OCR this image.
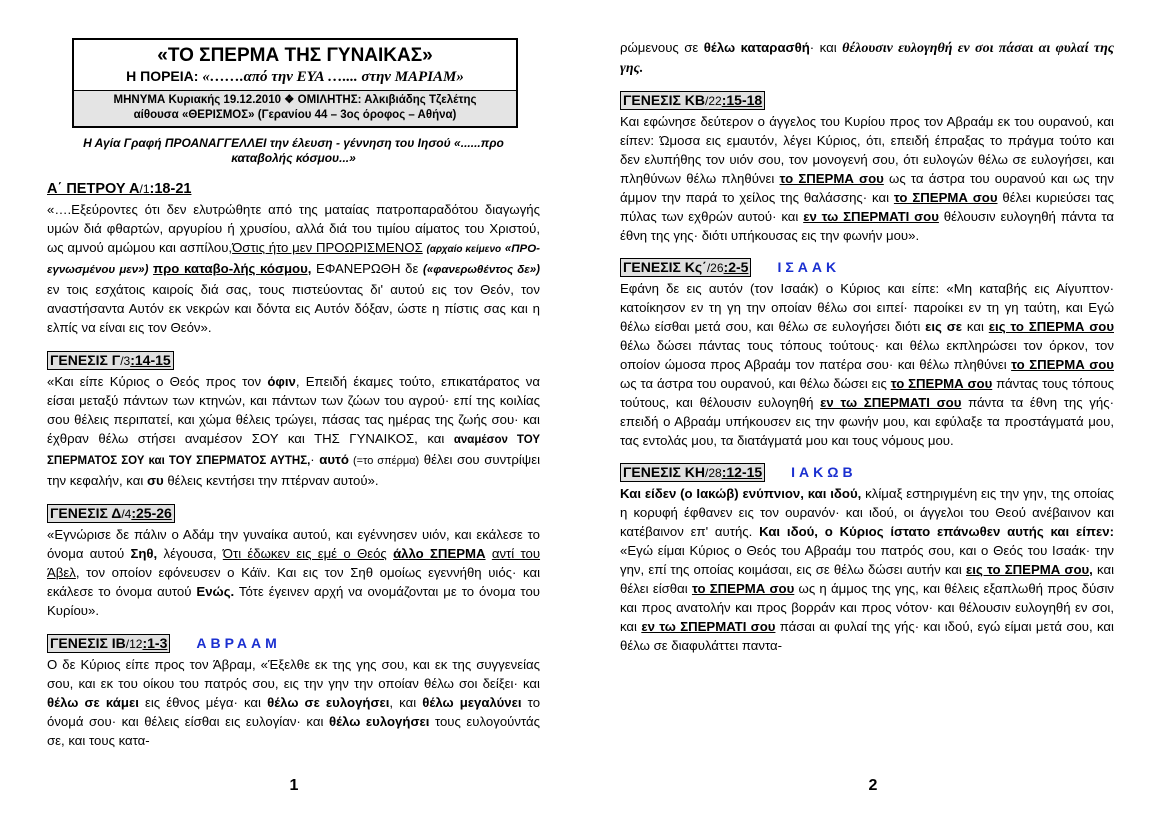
«ΤΟ ΣΠΕΡΜΑ ΤΗΣ ΓΥΝΑΙΚΑΣ»
Η ΠΟΡΕΙΑ: «…….από την ΕΥΑ ….... στην ΜΑΡΙΑΜ»
ΜΗΝΥΜΑ Κυριακής 19.12.2010 ❖ ΟΜΙΛΗΤΗΣ: Αλκιβιάδης Τζελέτης
αίθουσα «ΘΕΡΙΣΜΟΣ» (Γερανίου 44 – 3ος όροφος – Αθήνα)
Η Αγία Γραφή ΠΡΟΑΝΑΓΓΕΛΛΕΙ την έλευση - γέννηση του Ιησού «......προ καταβολής κόσμου...»
Α΄ ΠΕΤΡΟΥ Α/1:18-21
«….Εξεύροντες ότι δεν ελυτρώθητε από της ματαίας πατροπαραδότου διαγωγής υμών διά φθαρτών, αργυρίου ή χρυσίου, αλλά διά του τιμίου αίματος του Χριστού, ως αμνού αμώμου και ασπίλου,Όστις ήτο μεν ΠΡΟΩΡΙΣΜΕΝΟΣ (αρχαίο κείμενο «ΠΡΟ-εγνωσμένου μεν») προ καταβο-λής κόσμου, ΕΦΑΝΕΡΩΘΗ δε («φανερωθέντος δε») εν τοις εσχάτοις καιροίς διά σας, τους πιστεύοντας δι' αυτού εις τον Θεόν, τον αναστήσαντα Αυτόν εκ νεκρών και δόντα εις Αυτόν δόξαν, ώστε η πίστις σας και η ελπίς να είναι εις τον Θεόν».
ΓΕΝΕΣΙΣ Γ/3:14-15
«Και είπε Κύριος ο Θεός προς τον όφιν, Επειδή έκαμες τούτο, επικατάρατος να είσαι μεταξύ πάντων των κτηνών, και πάντων των ζώων του αγρού· επί της κοιλίας σου θέλεις περιπατεί, και χώμα θέλεις τρώγει, πάσας τας ημέρας της ζωής σου· και έχθραν θέλω στήσει αναμέσον ΣΟΥ και ΤΗΣ ΓΥΝΑΙΚΟΣ, και αναμέσον ΤΟΥ ΣΠΕΡΜΑΤΟΣ ΣΟΥ και ΤΟΥ ΣΠΕΡΜΑΤΟΣ ΑΥΤΗΣ,· αυτό (=το σπέρμα) θέλει σου συντρίψει την κεφαλήν, και συ θέλεις κεντήσει την πτέρναν αυτού».
ΓΕΝΕΣΙΣ Δ/4:25-26
«Εγνώρισε δε πάλιν ο Αδάμ την γυναίκα αυτού, και εγέννησεν υιόν, και εκάλεσε το όνομα αυτού Σηθ, λέγουσα, Ότι έδωκεν εις εμέ ο Θεός άλλο ΣΠΕΡΜΑ αντί του Άβελ, τον οποίον εφόνευσεν ο Κάϊν. Και εις τον Σηθ ομοίως εγεννήθη υιός· και εκάλεσε το όνομα αυτού Ενώς. Τότε έγεινεν αρχή να ονομάζονται με το όνομα του Κυρίου».
ΓΕΝΕΣΙΣ ΙΒ/12:1-3 ΑΒΡΑΑΜ
Ο δε Κύριος είπε προς τον Άβραμ, «Έξελθε εκ της γης σου, και εκ της συγγενείας σου, και εκ του οίκου του πατρός σου, εις την γην την οποίαν θέλω σοι δείξει· και θέλω σε κάμει εις έθνος μέγα· και θέλω σε ευλογήσει, και θέλω μεγαλύνει το όνομά σου· και θέλεις είσθαι εις ευλογίαν· και θέλω ευλογήσει τους ευλογούντάς σε, και τους κατα-
1
ρώμενους σε θέλω καταρασθή· και θέλουσιν ευλογηθή εν σοι πάσαι αι φυλαί της γης.
ΓΕΝΕΣΙΣ ΚΒ/22:15-18
Και εφώνησε δεύτερον ο άγγελος του Κυρίου προς τον Αβραάμ εκ του ουρανού, και είπεν: Ώμοσα εις εμαυτόν, λέγει Κύριος, ότι, επειδή έπραξας το πράγμα τούτο και δεν ελυπήθης τον υιόν σου, τον μονογενή σου, ότι ευλογών θέλω σε ευλογήσει, και πληθύνων θέλω πληθύνει το ΣΠΕΡΜΑ σου ως τα άστρα του ουρανού και ως την άμμον την παρά το χείλος της θαλάσσης· και το ΣΠΕΡΜΑ σου θέλει κυριεύσει τας πύλας των εχθρών αυτού· και εν τω ΣΠΕΡΜΑΤΙ σου θέλουσιν ευλογηθή πάντα τα έθνη της γης· διότι υπήκουσας εις την φωνήν μου».
ΓΕΝΕΣΙΣ Κς΄/26:2-5 ΙΣΑΑΚ
Εφάνη δε εις αυτόν (τον Ισαάκ) ο Κύριος και είπε: «Μη καταβής εις Αίγυπτον· κατοίκησον εν τη γη την οποίαν θέλω σοι ειπεί· παροίκει εν τη γη ταύτη, και Εγώ θέλω είσθαι μετά σου, και θέλω σε ευλογήσει διότι εις σε και εις το ΣΠΕΡΜΑ σου θέλω δώσει πάντας τους τόπους τούτους· και θέλω εκπληρώσει τον όρκον, τον οποίον ώμοσα προς Αβραάμ τον πατέρα σου· και θέλω πληθύνει το ΣΠΕΡΜΑ σου ως τα άστρα του ουρανού, και θέλω δώσει εις το ΣΠΕΡΜΑ σου πάντας τους τόπους τούτους, και θέλουσιν ευλογηθή εν τω ΣΠΕΡΜΑΤΙ σου πάντα τα έθνη της γής· επειδή ο Αβραάμ υπήκουσεν εις την φωνήν μου, και εφύλαξε τα προστάγματά μου, τας εντολάς μου, τα διατάγματά μου και τους νόμους μου.
ΓΕΝΕΣΙΣ ΚΗ/28:12-15 ΙΑΚΩΒ
Και είδεν (ο Ιακώβ) ενύπνιον, και ιδού, κλίμαξ εστηριγμένη εις την γην, της οποίας η κορυφή έφθανεν εις τον ουρανόν· και ιδού, οι άγγελοι του Θεού ανέβαινον και κατέβαινον επ' αυτής. Και ιδού, ο Κύριος ίστατο επάνωθεν αυτής και είπεν: «Εγώ είμαι Κύριος ο Θεός του Αβραάμ του πατρός σου, και ο Θεός του Ισαάκ· την γην, επί της οποίας κοιμάσαι, εις σε θέλω δώσει αυτήν και εις το ΣΠΕΡΜΑ σου, και θέλει είσθαι το ΣΠΕΡΜΑ σου ως η άμμος της γης, και θέλεις εξαπλωθή προς δύσιν και προς ανατολήν και προς βορράν και προς νότον· και θέλουσιν ευλογηθή εν σοι, και εν τω ΣΠΕΡΜΑΤΙ σου πάσαι αι φυλαί της γής· και ιδού, εγώ είμαι μετά σου, και θέλω σε διαφυλάττει παντα-
2
